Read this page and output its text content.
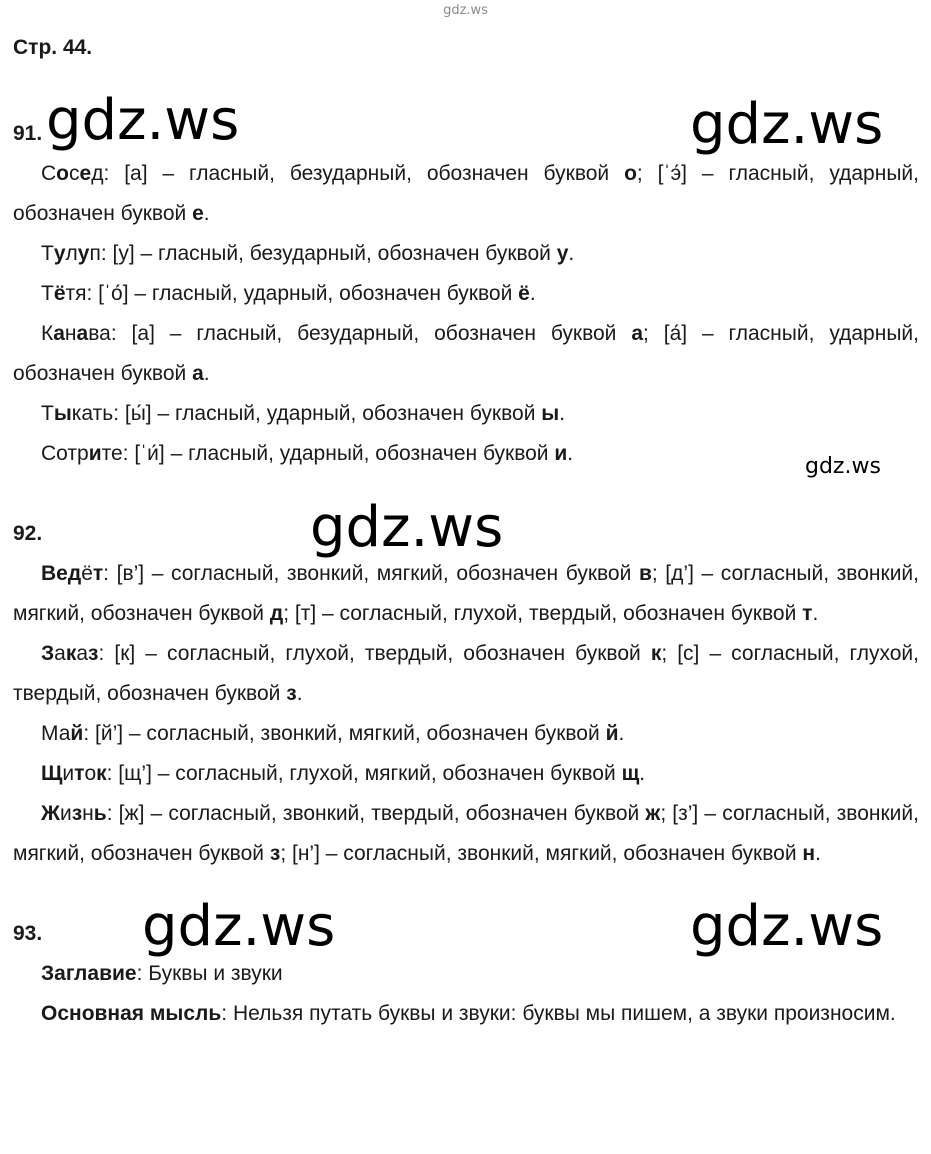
gdz.ws
gdz.ws	gdz.ws
gdz.ws
gdz.ws
gdz.ws	gdz.ws
Стр. 44.
91.

Сосед: [а] – гласный, безударный, обозначен буквой о; [ˈэ́] – гласный, ударный, обозначен буквой е.

Тулуп: [у] – гласный, безударный, обозначен буквой у.

Тётя: [ˈо́] – гласный, ударный, обозначен буквой ё.

Канава: [а] – гласный, безударный, обозначен буквой а; [а́] – гласный, ударный, обозначен буквой а.

Тыкать: [ы́] – гласный, ударный, обозначен буквой ы.

Сотрите: [ˈи́] – гласный, ударный, обозначен буквой и.

92.

Ведёт: [в’] – согласный, звонкий, мягкий, обозначен буквой в; [д’] – согласный, звонкий, мягкий, обозначен буквой д; [т] – согласный, глухой, твердый, обозначен буквой т.

Заказ: [к] – согласный, глухой, твердый, обозначен буквой к; [с] – согласный, глухой, твердый, обозначен буквой з.

Май: [й’] – согласный, звонкий, мягкий, обозначен буквой й.

Щиток: [щ’] – согласный, глухой, мягкий, обозначен буквой щ.

Жизнь: [ж] – согласный, звонкий, твердый, обозначен буквой ж; [з’] – согласный, звонкий, мягкий, обозначен буквой з; [н’] – согласный, звонкий, мягкий, обозначен буквой н.

93.

Заглавие: Буквы и звуки

Основная мысль: Нельзя путать буквы и звуки: буквы мы пишем, а звуки произносим.
